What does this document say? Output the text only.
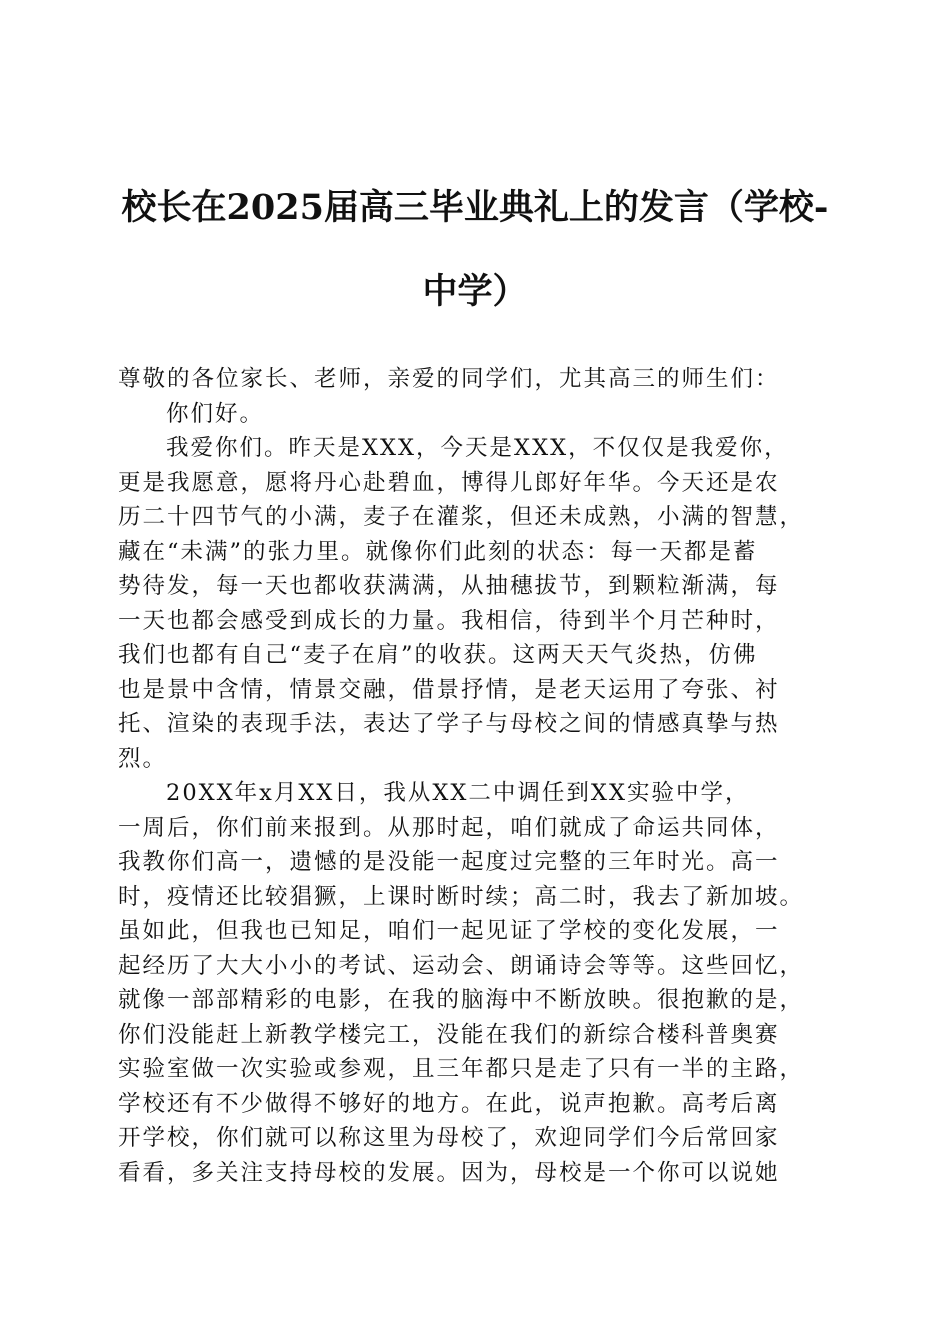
校长在2025届高三毕业典礼上的发言（学校-
中学）
尊敬的各位家长、老师，亲爱的同学们，尤其高三的师生们：
你们好。
我爱你们。昨天是XXX，今天是XXX，不仅仅是我爱你，
更是我愿意，愿将丹心赴碧血，博得儿郎好年华。今天还是农
历二十四节气的小满，麦子在灌浆，但还未成熟，小满的智慧，
藏在“未满”的张力里。就像你们此刻的状态：每一天都是蓄
势待发，每一天也都收获满满，从抽穗拔节，到颗粒渐满，每
一天也都会感受到成长的力量。我相信，待到半个月芒种时，
我们也都有自己“麦子在肩”的收获。这两天天气炎热，仿佛
也是景中含情，情景交融，借景抒情，是老天运用了夸张、衬
托、渲染的表现手法，表达了学子与母校之间的情感真挚与热
烈。
20XX年x月XX日，我从XX二中调任到XX实验中学，
一周后，你们前来报到。从那时起，咱们就成了命运共同体，
我教你们高一，遗憾的是没能一起度过完整的三年时光。高一
时，疫情还比较猖獗，上课时断时续；高二时，我去了新加坡。
虽如此，但我也已知足，咱们一起见证了学校的变化发展，一
起经历了大大小小的考试、运动会、朗诵诗会等等。这些回忆，
就像一部部精彩的电影，在我的脑海中不断放映。很抱歉的是，
你们没能赶上新教学楼完工，没能在我们的新综合楼科普奥赛
实验室做一次实验或参观，且三年都只是走了只有一半的主路，
学校还有不少做得不够好的地方。在此，说声抱歉。高考后离
开学校，你们就可以称这里为母校了，欢迎同学们今后常回家
看看，多关注支持母校的发展。因为，母校是一个你可以说她
